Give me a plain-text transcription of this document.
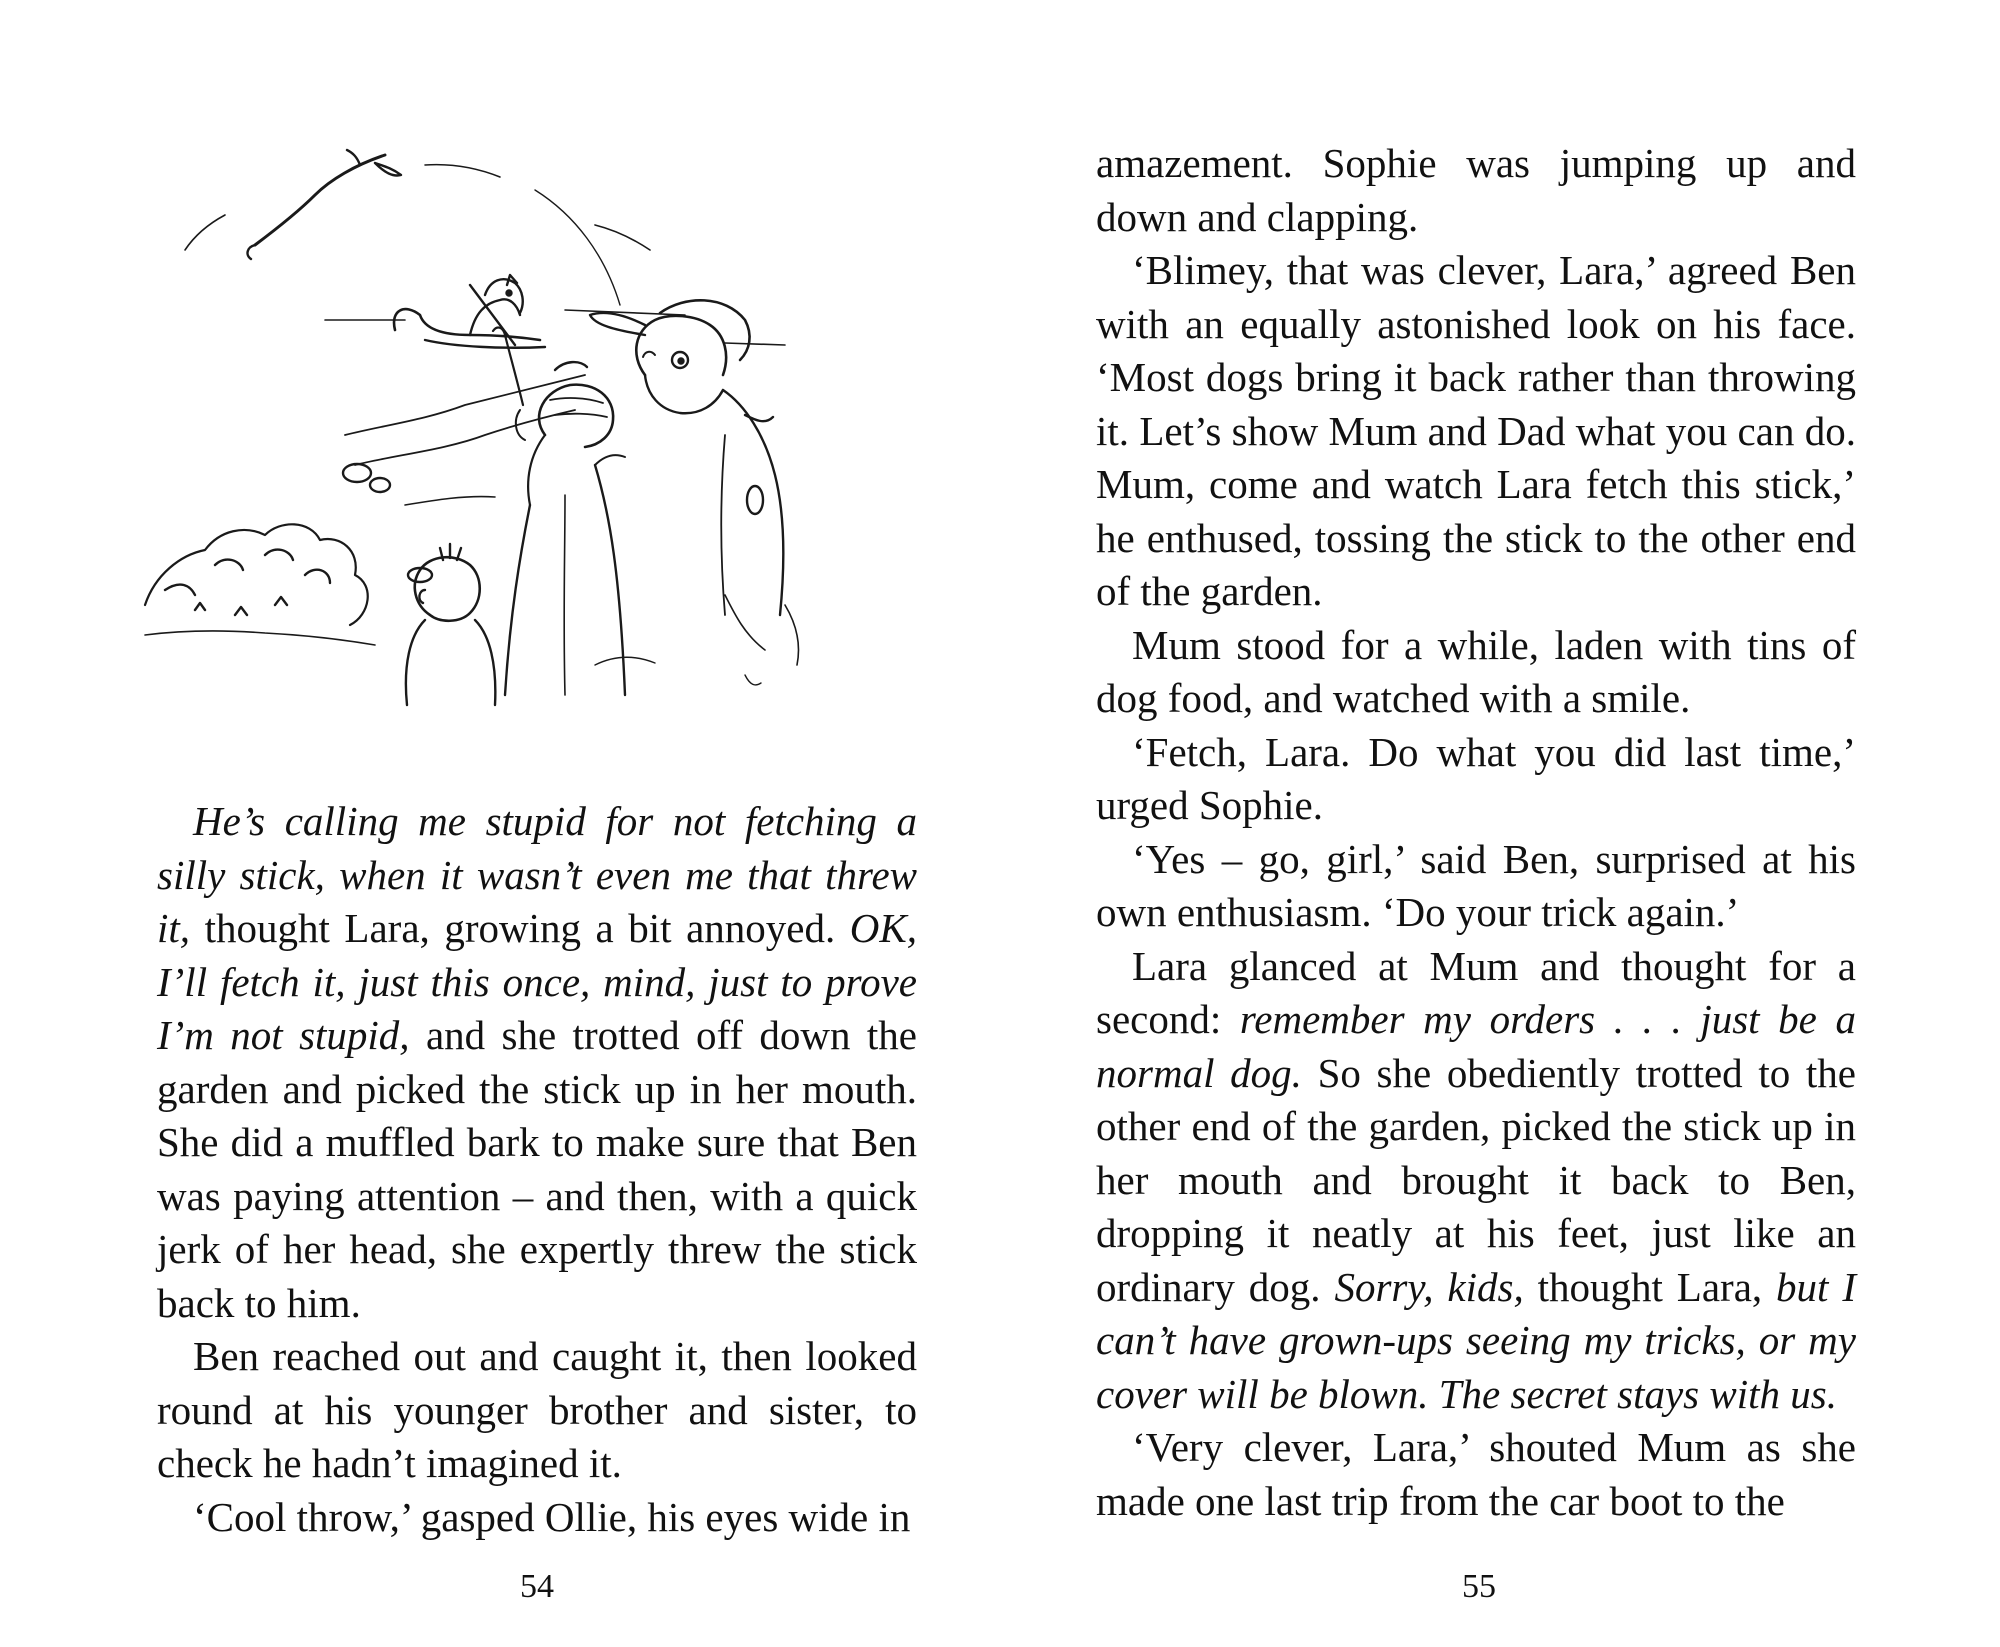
He’s calling me stupid for not fetching a silly stick, when it wasn’t even me that threw it, thought Lara, growing a bit annoyed. OK, I’ll fetch it, just this once, mind, just to prove I’m not stupid, and she trotted off down the garden and picked the stick up in her mouth. She did a muffled bark to make sure that Ben was paying attention – and then, with a quick jerk of her head, she expertly threw the stick back to him.

Ben reached out and caught it, then looked round at his younger brother and sister, to check he hadn’t imagined it.

‘Cool throw,’ gasped Ollie, his eyes wide in

54

amazement. Sophie was jumping up and down and clapping.

‘Blimey, that was clever, Lara,’ agreed Ben with an equally astonished look on his face. ‘Most dogs bring it back rather than throwing it. Let’s show Mum and Dad what you can do. Mum, come and watch Lara fetch this stick,’ he enthused, tossing the stick to the other end of the garden.

Mum stood for a while, laden with tins of dog food, and watched with a smile.

‘Fetch, Lara. Do what you did last time,’ urged Sophie.

‘Yes – go, girl,’ said Ben, surprised at his own enthusiasm. ‘Do your trick again.’

Lara glanced at Mum and thought for a second: remember my orders . . . just be a normal dog. So she obediently trotted to the other end of the garden, picked the stick up in her mouth and brought it back to Ben, dropping it neatly at his feet, just like an ordinary dog. Sorry, kids, thought Lara, but I can’t have grown-ups seeing my tricks, or my cover will be blown. The secret stays with us.

‘Very clever, Lara,’ shouted Mum as she made one last trip from the car boot to the

55
